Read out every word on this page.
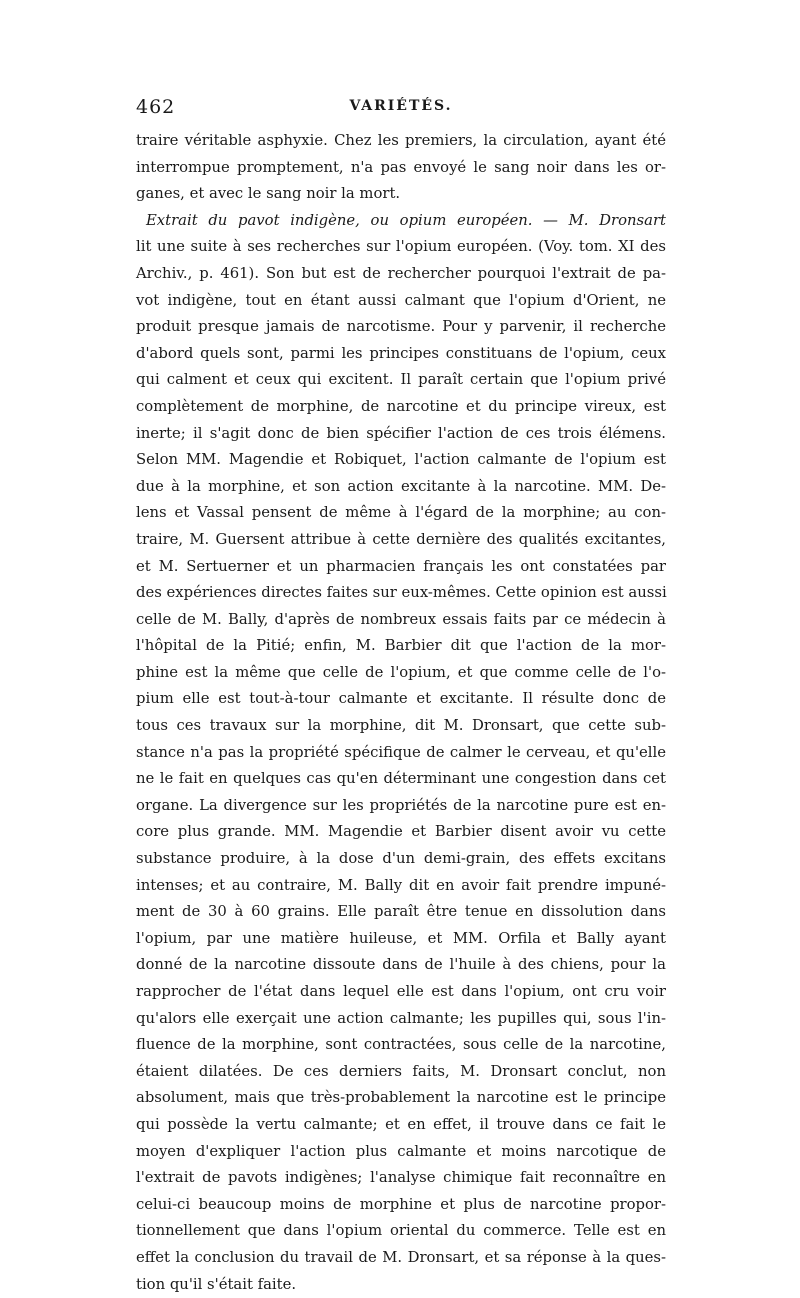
462	VARIÉTÉS.
traire véritable asphyxie. Chez les premiers, la circulation, ayant été
interrompue promptement, n'a pas envoyé le sang noir dans les or-
ganes, et avec le sang noir la mort.
Extrait du pavot indigène, ou opium européen. — M. Dronsart
lit une suite à ses recherches sur l'opium européen. (Voy. tom. XI des
Archiv., p. 461). Son but est de rechercher pourquoi l'extrait de pa-
vot indigène, tout en étant aussi calmant que l'opium d'Orient, ne
produit presque jamais de narcotisme. Pour y parvenir, il recherche
d'abord quels sont, parmi les principes constituans de l'opium, ceux
qui calment et ceux qui excitent. Il paraît certain que l'opium privé
complètement de morphine, de narcotine et du principe vireux, est
inerte; il s'agit donc de bien spécifier l'action de ces trois élémens.
Selon MM. Magendie et Robiquet, l'action calmante de l'opium est
due à la morphine, et son action excitante à la narcotine. MM. De-
lens et Vassal pensent de même à l'égard de la morphine; au con-
traire, M. Guersent attribue à cette dernière des qualités excitantes,
et M. Sertuerner et un pharmacien français les ont constatées par
des expériences directes faites sur eux-mêmes. Cette opinion est aussi
celle de M. Bally, d'après de nombreux essais faits par ce médecin à
l'hôpital de la Pitié; enfin, M. Barbier dit que l'action de la mor-
phine est la même que celle de l'opium, et que comme celle de l'o-
pium elle est tout-à-tour calmante et excitante. Il résulte donc de
tous ces travaux sur la morphine, dit M. Dronsart, que cette sub-
stance n'a pas la propriété spécifique de calmer le cerveau, et qu'elle
ne le fait en quelques cas qu'en déterminant une congestion dans cet
organe. La divergence sur les propriétés de la narcotine pure est en-
core plus grande. MM. Magendie et Barbier disent avoir vu cette
substance produire, à la dose d'un demi-grain, des effets excitans
intenses; et au contraire, M. Bally dit en avoir fait prendre impuné-
ment de 30 à 60 grains. Elle paraît être tenue en dissolution dans
l'opium, par une matière huileuse, et MM. Orfila et Bally ayant
donné de la narcotine dissoute dans de l'huile à des chiens, pour la
rapprocher de l'état dans lequel elle est dans l'opium, ont cru voir
qu'alors elle exerçait une action calmante; les pupilles qui, sous l'in-
fluence de la morphine, sont contractées, sous celle de la narcotine,
étaient dilatées. De ces derniers faits, M. Dronsart conclut, non
absolument, mais que très-probablement la narcotine est le principe
qui possède la vertu calmante; et en effet, il trouve dans ce fait le
moyen d'expliquer l'action plus calmante et moins narcotique de
l'extrait de pavots indigènes; l'analyse chimique fait reconnaître en
celui-ci beaucoup moins de morphine et plus de narcotine propor-
tionnellement que dans l'opium oriental du commerce. Telle est en
effet la conclusion du travail de M. Dronsart, et sa réponse à la ques-
tion qu'il s'était faite.
